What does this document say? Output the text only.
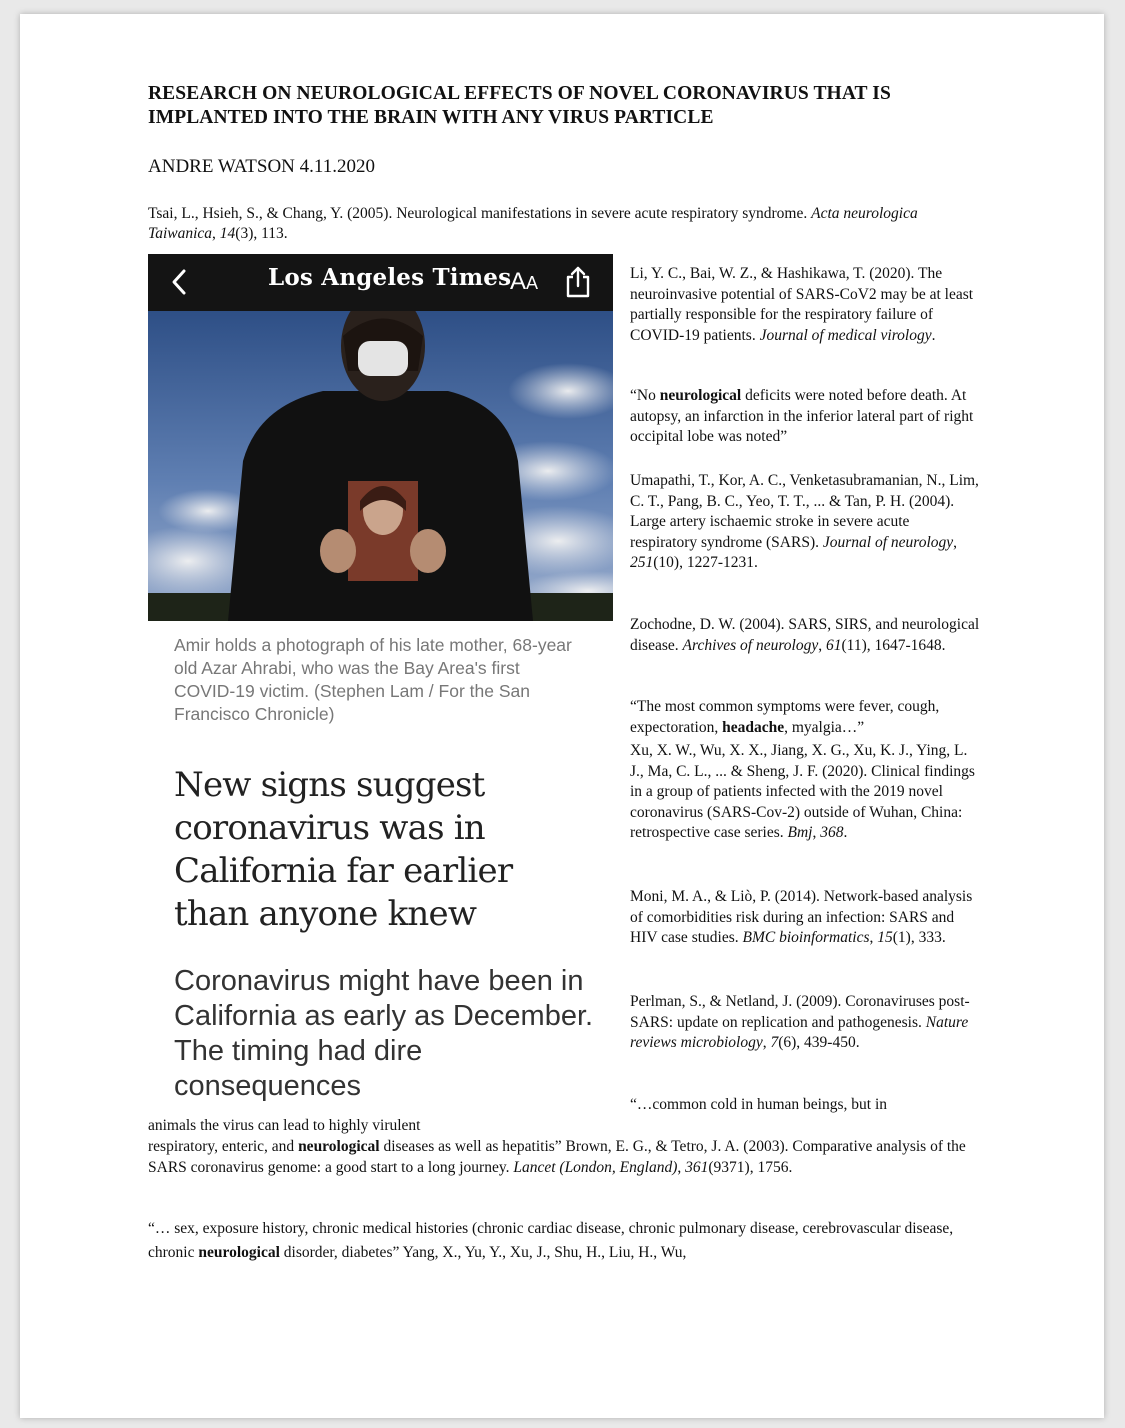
RESEARCH ON NEUROLOGICAL EFFECTS OF NOVEL CORONAVIRUS THAT IS IMPLANTED INTO THE BRAIN WITH ANY VIRUS PARTICLE
ANDRE WATSON 4.11.2020
Tsai, L., Hsieh, S., & Chang, Y. (2005). Neurological manifestations in severe acute respiratory syndrome. Acta neurologica Taiwanica, 14(3), 113.
Los Angeles Times
AA
Amir holds a photograph of his late mother, 68-year old Azar Ahrabi, who was the Bay Area's first COVID-19 victim. (Stephen Lam / For the San Francisco Chronicle)
New signs suggest coronavirus was in California far earlier than anyone knew
Coronavirus might have been in California as early as December. The timing had dire consequences
Li, Y. C., Bai, W. Z., & Hashikawa, T. (2020). The neuroinvasive potential of SARS-CoV2 may be at least partially responsible for the respiratory failure of COVID-19 patients. Journal of medical virology.
“No neurological deficits were noted before death. At autopsy, an infarction in the inferior lateral part of right occipital lobe was noted”
Umapathi, T., Kor, A. C., Venketasubramanian, N., Lim, C. T., Pang, B. C., Yeo, T. T., ... & Tan, P. H. (2004). Large artery ischaemic stroke in severe acute respiratory syndrome (SARS). Journal of neurology, 251(10), 1227-1231.
Zochodne, D. W. (2004). SARS, SIRS, and neurological disease. Archives of neurology, 61(11), 1647-1648.
“The most common symptoms were fever, cough, expectoration, headache, myalgia…”
Xu, X. W., Wu, X. X., Jiang, X. G., Xu, K. J., Ying, L. J., Ma, C. L., ... & Sheng, J. F. (2020). Clinical findings in a group of patients infected with the 2019 novel coronavirus (SARS-Cov-2) outside of Wuhan, China: retrospective case series. Bmj, 368.
Moni, M. A., & Liò, P. (2014). Network-based analysis of comorbidities risk during an infection: SARS and HIV case studies. BMC bioinformatics, 15(1), 333.
Perlman, S., & Netland, J. (2009). Coronaviruses post-SARS: update on replication and pathogenesis. Nature reviews microbiology, 7(6), 439-450.
“…common cold in human beings, but in
animals the virus can lead to highly virulent
respiratory, enteric, and neurological diseases as well as hepatitis” Brown, E. G., & Tetro, J. A. (2003). Comparative analysis of the SARS coronavirus genome: a good start to a long journey. Lancet (London, England), 361(9371), 1756.
“… sex, exposure history, chronic medical histories (chronic cardiac disease, chronic pulmonary disease, cerebrovascular disease, chronic neurological disorder, diabetes” Yang, X., Yu, Y., Xu, J., Shu, H., Liu, H., Wu,
